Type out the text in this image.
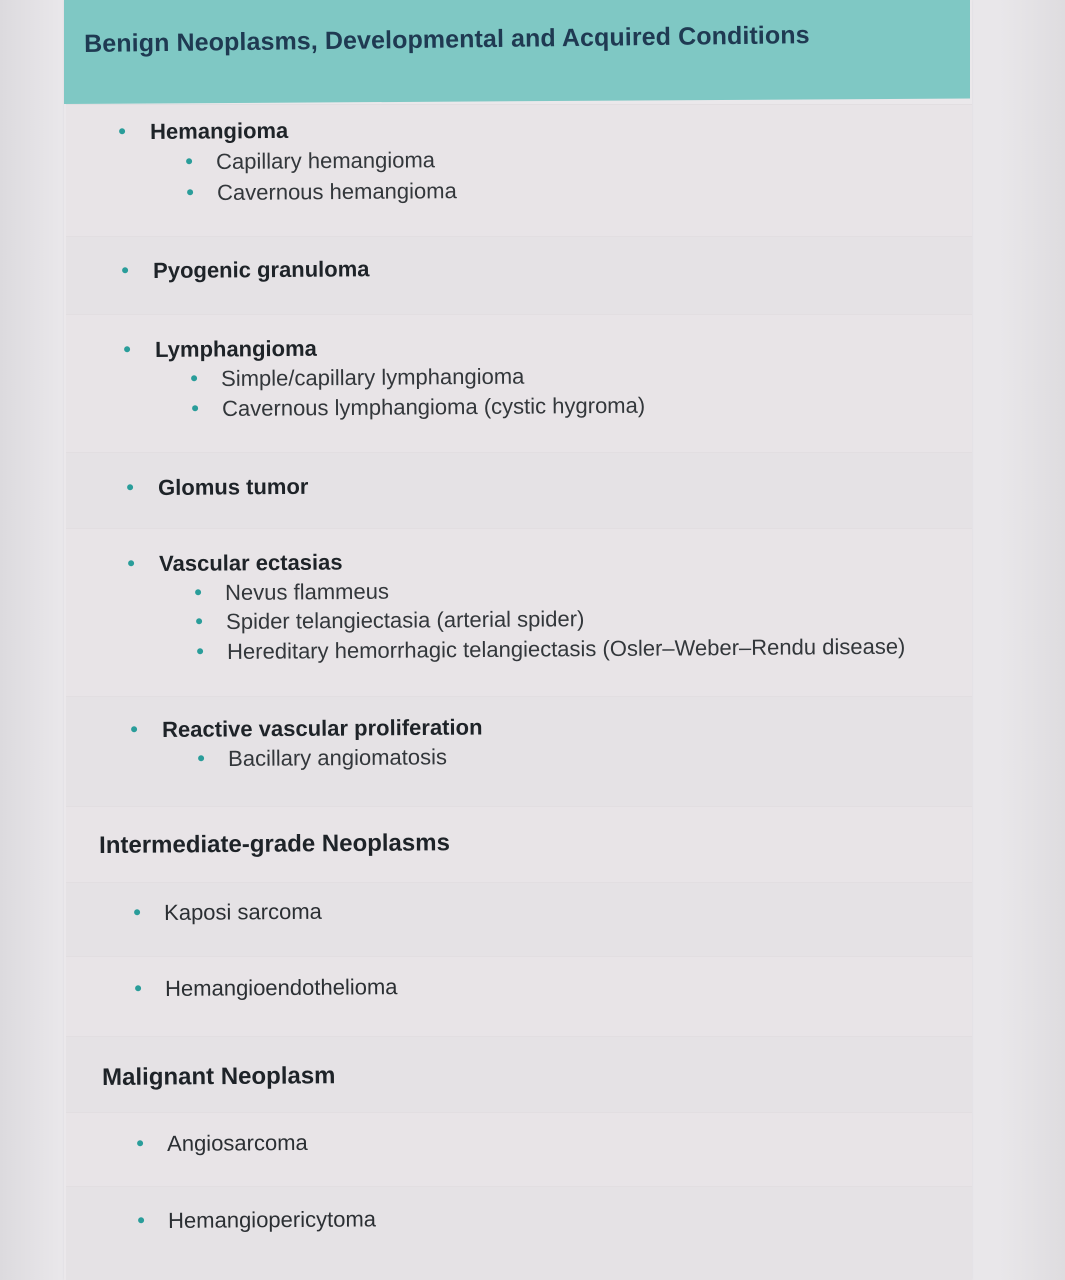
Benign Neoplasms, Developmental and Acquired Conditions
Hemangioma
Capillary hemangioma
Cavernous hemangioma
Pyogenic granuloma
Lymphangioma
Simple/capillary lymphangioma
Cavernous lymphangioma (cystic hygroma)
Glomus tumor
Vascular ectasias
Nevus flammeus
Spider telangiectasia (arterial spider)
Hereditary hemorrhagic telangiectasis (Osler–Weber–Rendu disease)
Reactive vascular proliferation
Bacillary angiomatosis
Intermediate-grade Neoplasms
Kaposi sarcoma
Hemangioendothelioma
Malignant Neoplasm
Angiosarcoma
Hemangiopericytoma
